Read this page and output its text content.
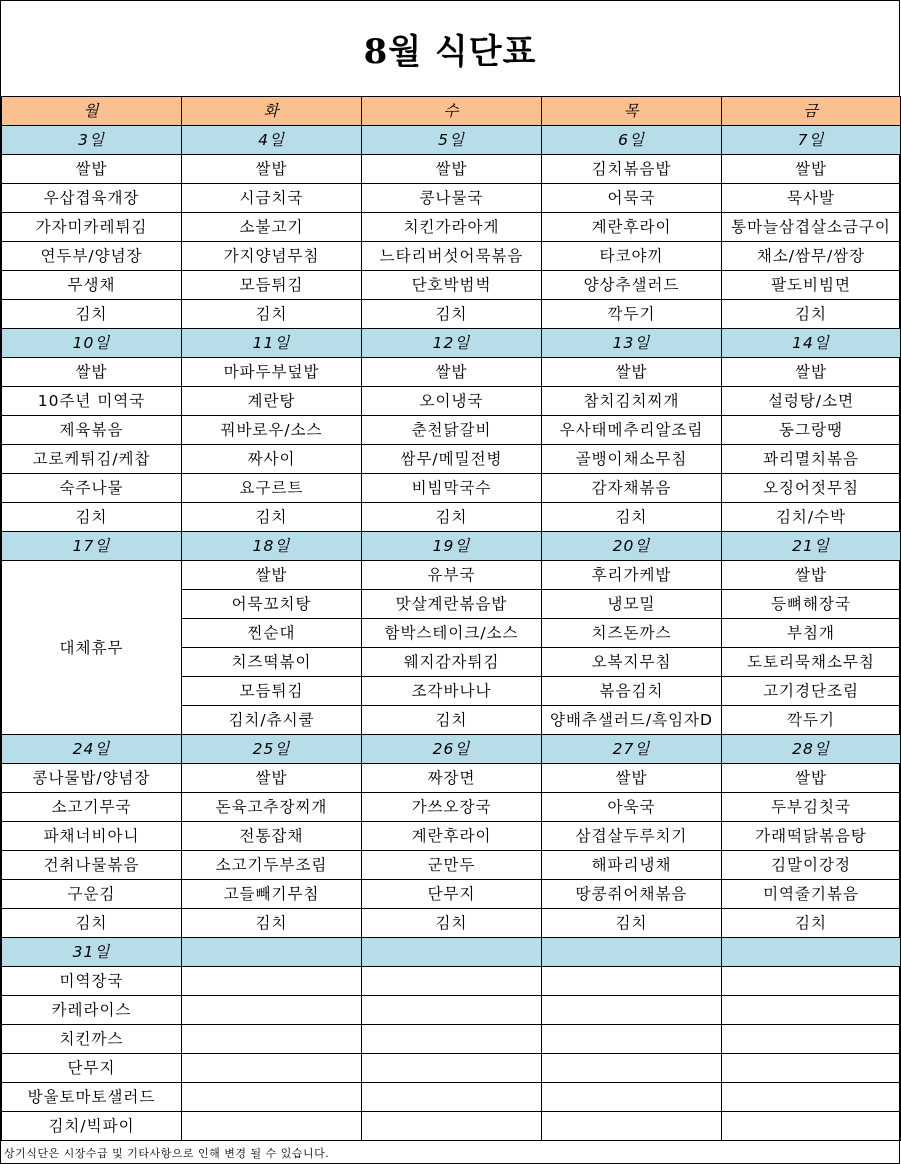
8월 식단표
월	화	수	목	금
3일	4일	5일	6일	7일
쌀밥	쌀밥	쌀밥	김치볶음밥	쌀밥
우삽겹육개장	시금치국	콩나물국	어묵국	묵사발
가자미카레튀김	소불고기	치킨가라아게	계란후라이	통마늘삼겹살소금구이
연두부/양념장	가지양념무침	느타리버섯어묵볶음	타코야끼	채소/쌈무/쌈장
무생채	모듬튀김	단호박범벅	양상추샐러드	팔도비빔면
김치	김치	김치	깍두기	김치
10일	11일	12일	13일	14일
쌀밥	마파두부덮밥	쌀밥	쌀밥	쌀밥
10주년 미역국	계란탕	오이냉국	참치김치찌개	설렁탕/소면
제육볶음	꿔바로우/소스	춘천닭갈비	우사태메추리알조림	동그랑땡
고로케튀김/케찹	짜사이	쌈무/메밀전병	골뱅이채소무침	꽈리멸치볶음
숙주나물	요구르트	비빔막국수	감자채볶음	오징어젓무침
김치	김치	김치	김치	김치/수박
17일	18일	19일	20일	21일
대체휴무	쌀밥	유부국	후리가케밥	쌀밥
	어묵꼬치탕	맛살계란볶음밥	냉모밀	등뼈해장국
	찐순대	함박스테이크/소스	치즈돈까스	부침개
	치즈떡볶이	웨지감자튀김	오복지무침	도토리묵채소무침
	모듬튀김	조각바나나	볶음김치	고기경단조림
	김치/츄시쿨	김치	양배추샐러드/흑임자D	깍두기
24일	25일	26일	27일	28일
콩나물밥/양념장	쌀밥	짜장면	쌀밥	쌀밥
소고기무국	돈육고추장찌개	가쓰오장국	아욱국	두부김칫국
파채너비아니	전통잡채	계란후라이	삼겹살두루치기	가래떡닭볶음탕
건취나물볶음	소고기두부조림	군만두	해파리냉채	김말이강정
구운김	고들빼기무침	단무지	땅콩쥐어채볶음	미역줄기볶음
김치	김치	김치	김치	김치
31일				
미역장국				
카레라이스				
치킨까스				
단무지				
방울토마토샐러드				
김치/빅파이				
상기식단은 시장수급 및 기타사항으로 인해 변경 될 수 있습니다.
